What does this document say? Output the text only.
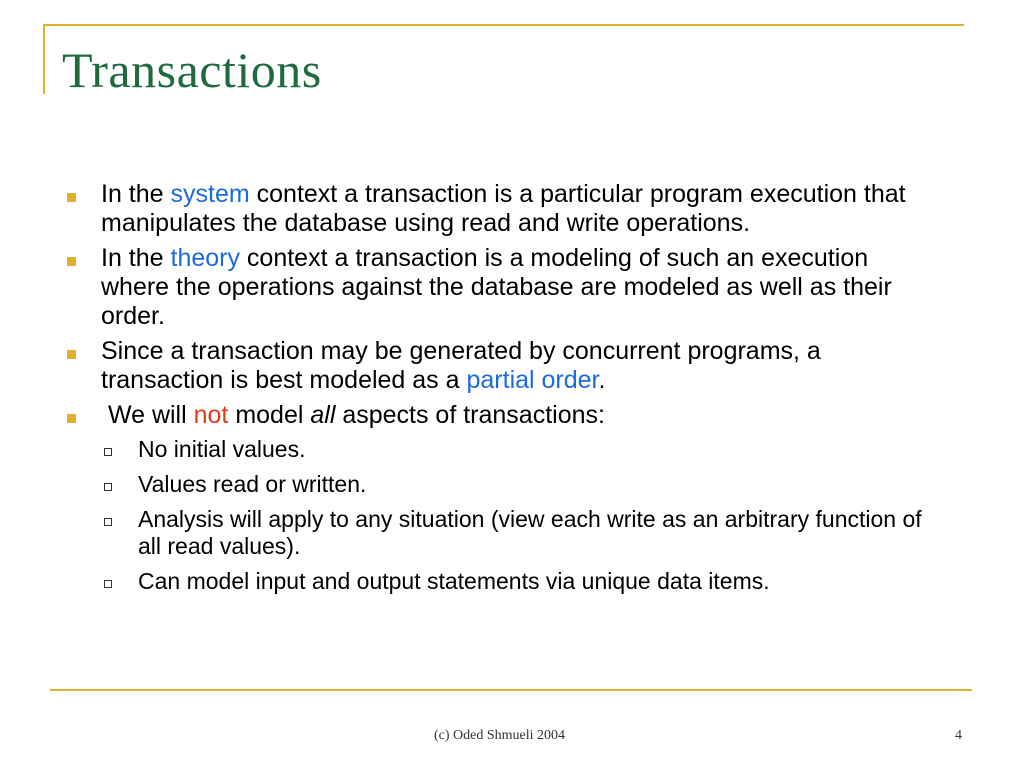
Transactions
In the system context a transaction is a particular program execution that manipulates the database using read and write operations.
In the theory context a transaction is a modeling of such an execution where the operations against the database are modeled as well as their order.
Since a transaction may be generated by concurrent programs, a transaction is best modeled as a partial order.
We will not model all aspects of transactions:
No initial values.
Values read or written.
Analysis will apply to any situation (view each write as an arbitrary function of all read values).
Can model input and output statements via unique data items.
(c) Oded Shmueli 2004	4
